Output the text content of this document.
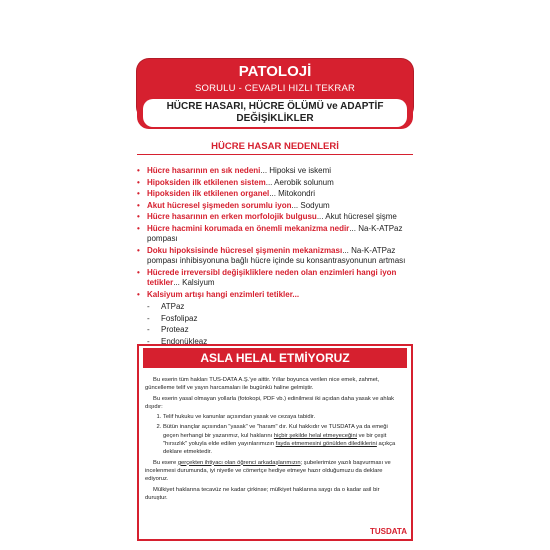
PATOLOJİ
SORULU - CEVAPLI HIZLI TEKRAR
HÜCRE HASARI, HÜCRE ÖLÜMÜ ve ADAPTİF
DEĞİŞİKLİKLER
HÜCRE HASAR NEDENLERİ
• Hücre hasarının en sık nedeni... Hipoksi ve iskemi
• Hipoksiden ilk etkilenen sistem... Aerobik solunum
• Hipoksiden ilk etkilenen organel... Mitokondri
• Akut hücresel şişmeden sorumlu iyon... Sodyum
• Hücre hasarının en erken morfolojik bulgusu... Akut hücresel şişme
• Hücre hacmini korumada en önemli mekanizma nedir... Na-K-ATPaz pompası
• Doku hipoksisinde hücresel şişmenin mekanizması... Na-K-ATPaz pompası inhibisyonuna bağlı hücre içinde su konsantrasyonunun artması
• Hücrede irreversibl değişikliklere neden olan enzimleri hangi iyon tetikler... Kalsiyum
• Kalsiyum artışı hangi enzimleri tetikler...
- ATPaz
- Fosfolipaz
- Proteaz
- Endonükleaz
ASLA HELAL ETMİYORUZ

Bu eserin tüm hakları TUS-DATA A.Ş.'ye aittir. Yıllar boyunca verilen nice emek, zahmet, güncelleme telif ve yayın harcamaları ile bugünkü haline gelmiştir.

Bu eserin yasal olmayan yollarla (fotokopi, PDF vb.) edinilmesi iki açıdan daha yasak ve ahlak dışıdır:

1. Telif hukuku ve kanunlar açısından yasak ve cezaya tabidir.
2. Bütün inançlar açısından "yasak" ve "haram" dır. Kul hakkıdır ve TUSDATA ya da emeği geçen herhangi bir yazarımız, kul haklarını hiçbir şekilde helal etmeyeceğini ve bir çeşit "hırsızlık" yoluyla elde edilen yayınlarımızın fayda etmemesini gönülden dilediklerini açıkça deklare etmektedir.

Bu esere gerçekten ihtiyacı olan öğrenci arkadaşlarımızın; şubelerimize yazılı başvurması ve incelenmesi durumunda, iyi niyetle ve cömertçe hediye etmeye hazır olduğumuzu da deklare ediyoruz.

Mülkiyet haklarına tecavüz ne kadar çirkinse; mülkiyet haklarına saygı da o kadar asil bir duruştur.

TUSDATA
